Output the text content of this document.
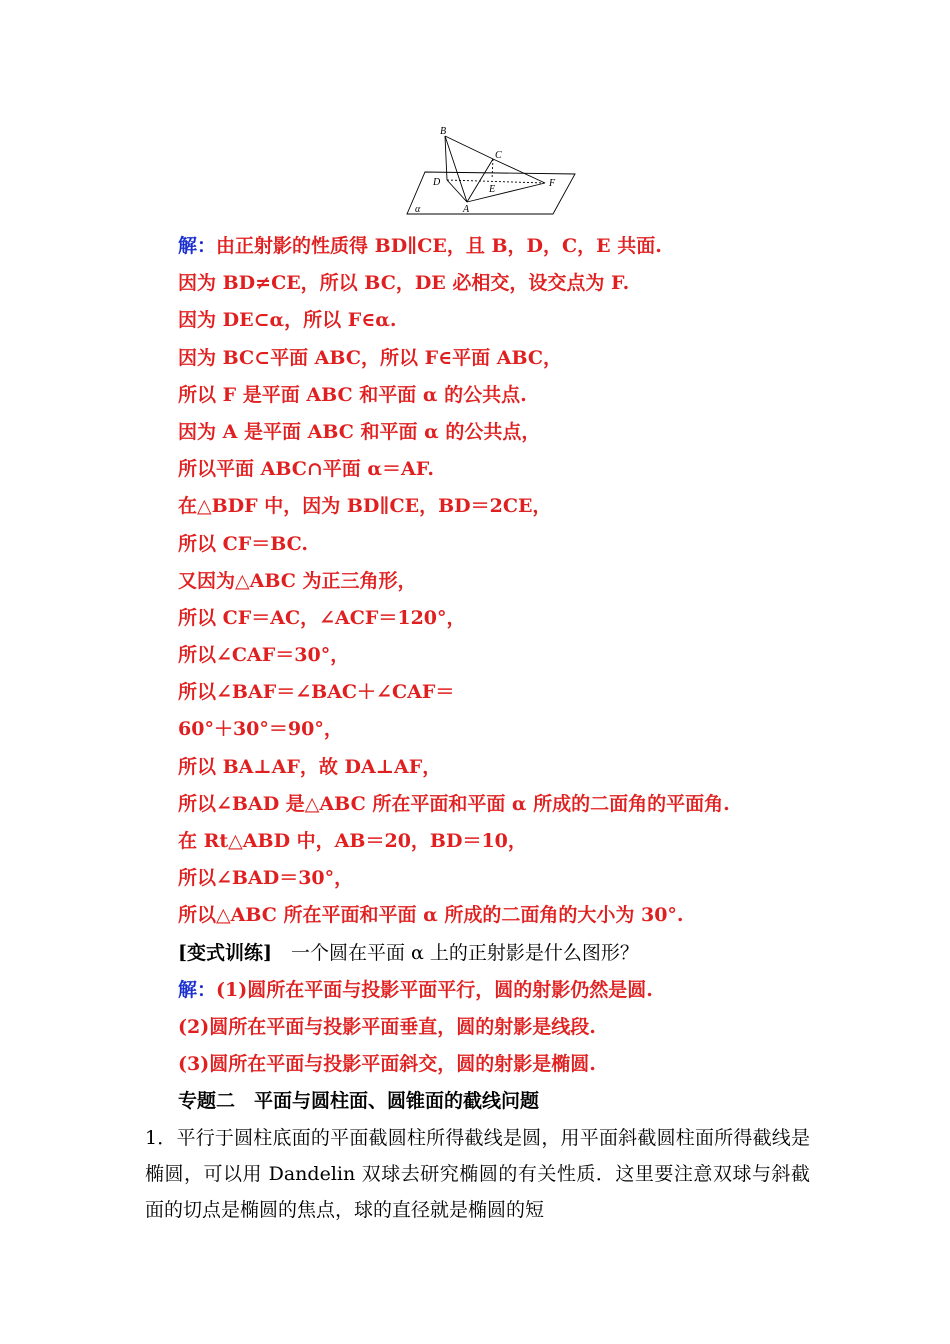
B
C
D
E
F
A
α
解：由正射影的性质得 BD∥CE，且 B，D，C，E 共面.
因为 BD≠CE，所以 BC，DE 必相交，设交点为 F.
因为 DE⊂α，所以 F∈α.
因为 BC⊂平面 ABC，所以 F∈平面 ABC，
所以 F 是平面 ABC 和平面 α 的公共点.
因为 A 是平面 ABC 和平面 α 的公共点，
所以平面 ABC∩平面 α＝AF.
在△BDF 中，因为 BD∥CE，BD＝2CE，
所以 CF＝BC.
又因为△ABC 为正三角形，
所以 CF＝AC，∠ACF＝120°，
所以∠CAF＝30°，
所以∠BAF＝∠BAC＋∠CAF＝
60°＋30°＝90°，
所以 BA⊥AF，故 DA⊥AF，
所以∠BAD 是△ABC 所在平面和平面 α 所成的二面角的平面角.
在 Rt△ABD 中，AB＝20，BD＝10，
所以∠BAD＝30°，
所以△ABC 所在平面和平面 α 所成的二面角的大小为 30°.
[变式训练]　一个圆在平面 α 上的正射影是什么图形？
解：(1)圆所在平面与投影平面平行，圆的射影仍然是圆.
(2)圆所在平面与投影平面垂直，圆的射影是线段.
(3)圆所在平面与投影平面斜交，圆的射影是椭圆.
专题二　平面与圆柱面、圆锥面的截线问题
1．平行于圆柱底面的平面截圆柱所得截线是圆，用平面斜截圆柱面所得截线是椭圆，可以用 Dandelin 双球去研究椭圆的有关性质．这里要注意双球与斜截面的切点是椭圆的焦点，球的直径就是椭圆的短
